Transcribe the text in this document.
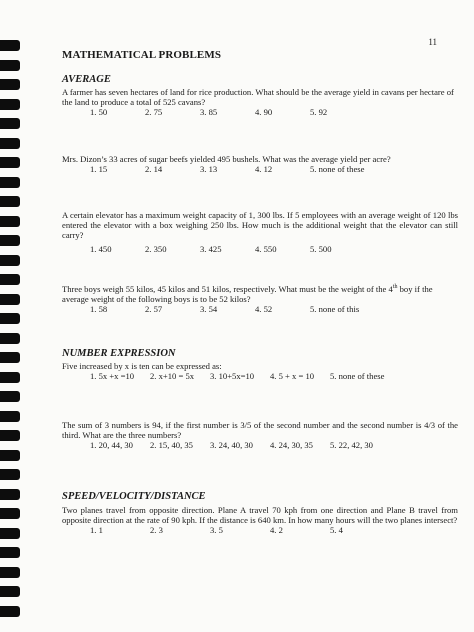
11
MATHEMATICAL PROBLEMS
AVERAGE

A farmer has seven hectares of land for rice production. What should be the average yield in cavans per hectare of the land to produce a total of 525 cavans?

1. 50	2. 75	3. 85	4. 90	5. 92

Mrs. Dizon’s 33 acres of sugar beefs yielded 495 bushels. What was the average yield per acre?

1. 15	2. 14	3. 13	4. 12	5. none of these

A certain elevator has a maximum weight capacity of 1, 300 lbs. If 5 employees with an average weight of 120 lbs entered the elevator with a box weighing 250 lbs. How much is the additional weight that the elevator can still carry?

1. 450	2. 350	3. 425	4. 550	5. 500

Three boys weigh 55 kilos, 45 kilos and 51 kilos, respectively. What must be the weight of the 4th boy if the average weight of the following boys is to be 52 kilos?

1. 58	2. 57	3. 54	4. 52	5. none of this
NUMBER EXPRESSION

Five increased by x is ten can be expressed as:

1. 5x +x =10	2. x+10 = 5x	3. 10+5x=10	4. 5 + x = 10	5. none of these

The sum of 3 numbers is 94, if the first number is 3/5 of the second number and the second number is 4/3 of the third. What are the three numbers?

1. 20, 44, 30	2. 15, 40, 35	3. 24, 40, 30	4. 24, 30, 35	5. 22, 42, 30
SPEED/VELOCITY/DISTANCE

Two planes travel from opposite direction. Plane A travel 70 kph from one direction and Plane B travel from opposite direction at the rate of 90 kph. If the distance is 640 km. In how many hours will the two planes intersect?

1. 1	2. 3	3. 5	4. 2	5. 4
